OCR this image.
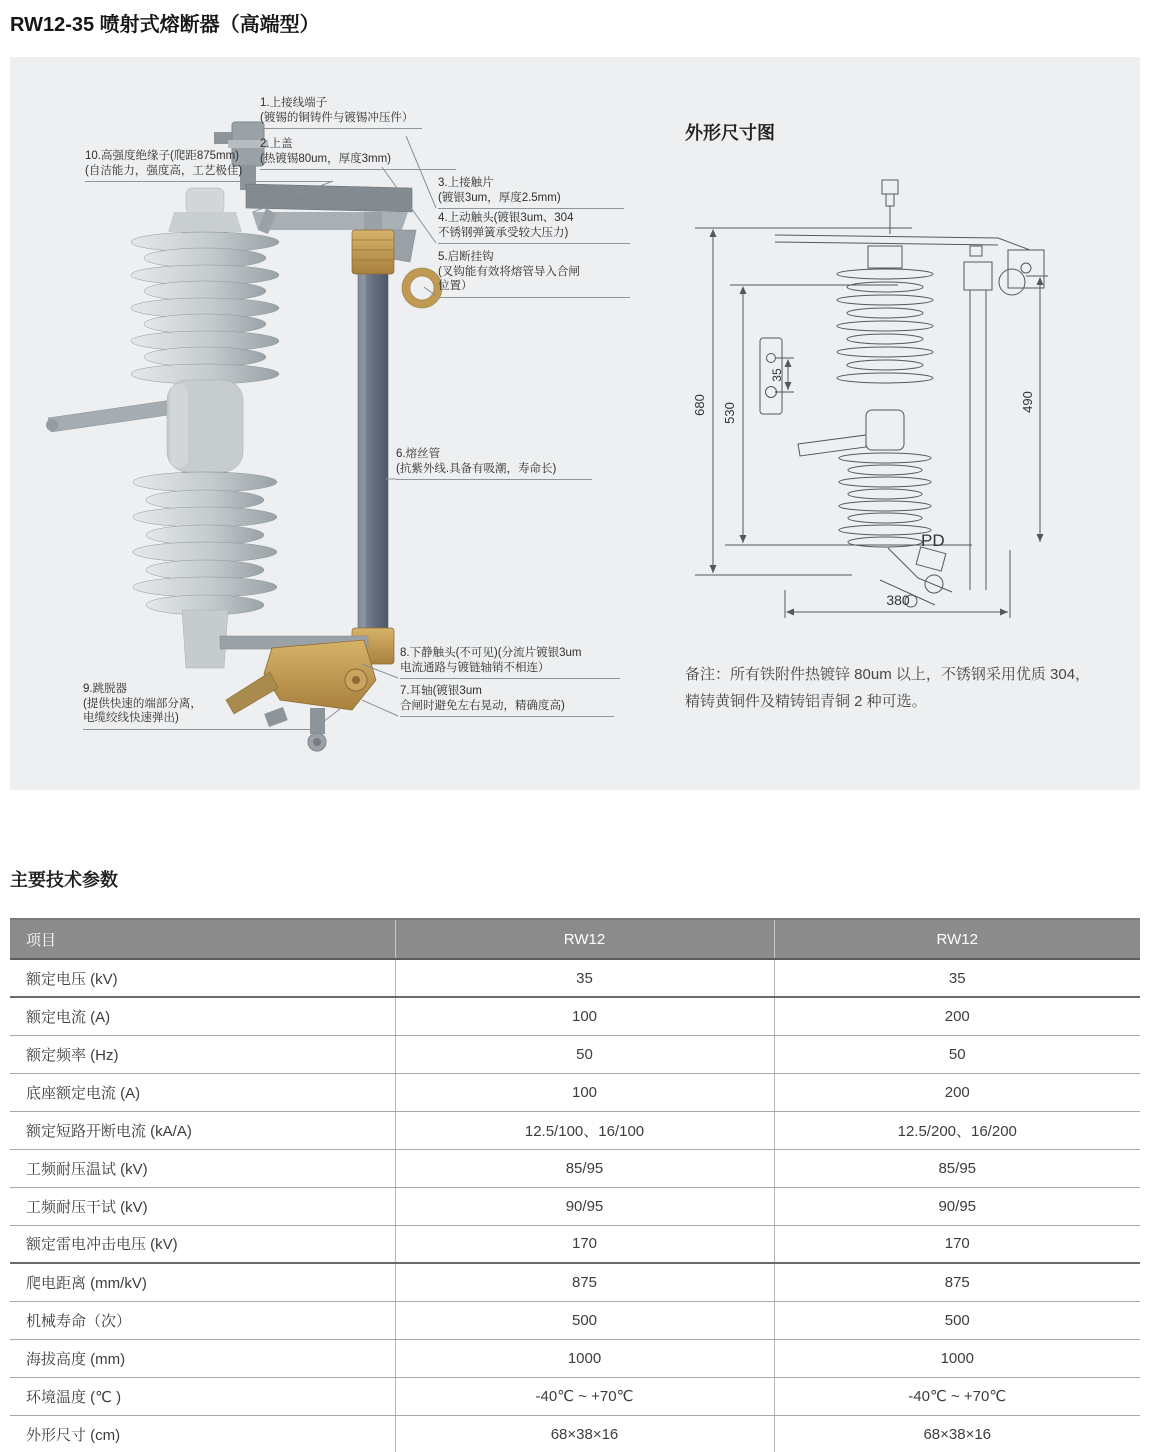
RW12-35 喷射式熔断器（高端型）
1.上接线端子
(镀锡的铜铸件与镀锡冲压件）
2.上盖
(热镀锡80um，厚度3mm)
3.上接触片
(镀银3um，厚度2.5mm)
4.上动触头(镀银3um、304
不锈钢弹簧承受较大压力)
5.启断挂钩
(叉钩能有效将熔管导入合闸
位置）
6.熔丝管
(抗紫外线.具备有吸潮，寿命长)
8.下静触头(不可见)(分流片镀银3um
电流通路与镀链轴销不相连）
7.耳轴(镀银3um
合闸时避免左右晃动，精确度高)
9.跳脱器
(提供快速的端部分离，
电缆绞线快速弹出)
10.高强度绝缘子(爬距875mm)
(自洁能力，强度高，工艺极佳)
外形尺寸图
680 530
35
490
380
PD
备注：所有铁附件热镀锌 80um 以上，不锈钢采用优质 304，
精铸黄铜件及精铸铝青铜 2 种可选。
主要技术参数
项目	RW12	RW12
额定电压 (kV)	35	35
额定电流 (A)	100	200
额定频率 (Hz)	50	50
底座额定电流 (A)	100	200
额定短路开断电流 (kA/A)	12.5/100、16/100	12.5/200、16/200
工频耐压温试 (kV)	85/95	85/95
工频耐压干试 (kV)	90/95	90/95
额定雷电冲击电压 (kV)	170	170
爬电距离 (mm/kV)	875	875
机械寿命（次）	500	500
海拔高度 (mm)	1000	1000
环境温度 (℃ )	-40℃ ~ +70℃	-40℃ ~ +70℃
外形尺寸 (cm)	68×38×16	68×38×16
